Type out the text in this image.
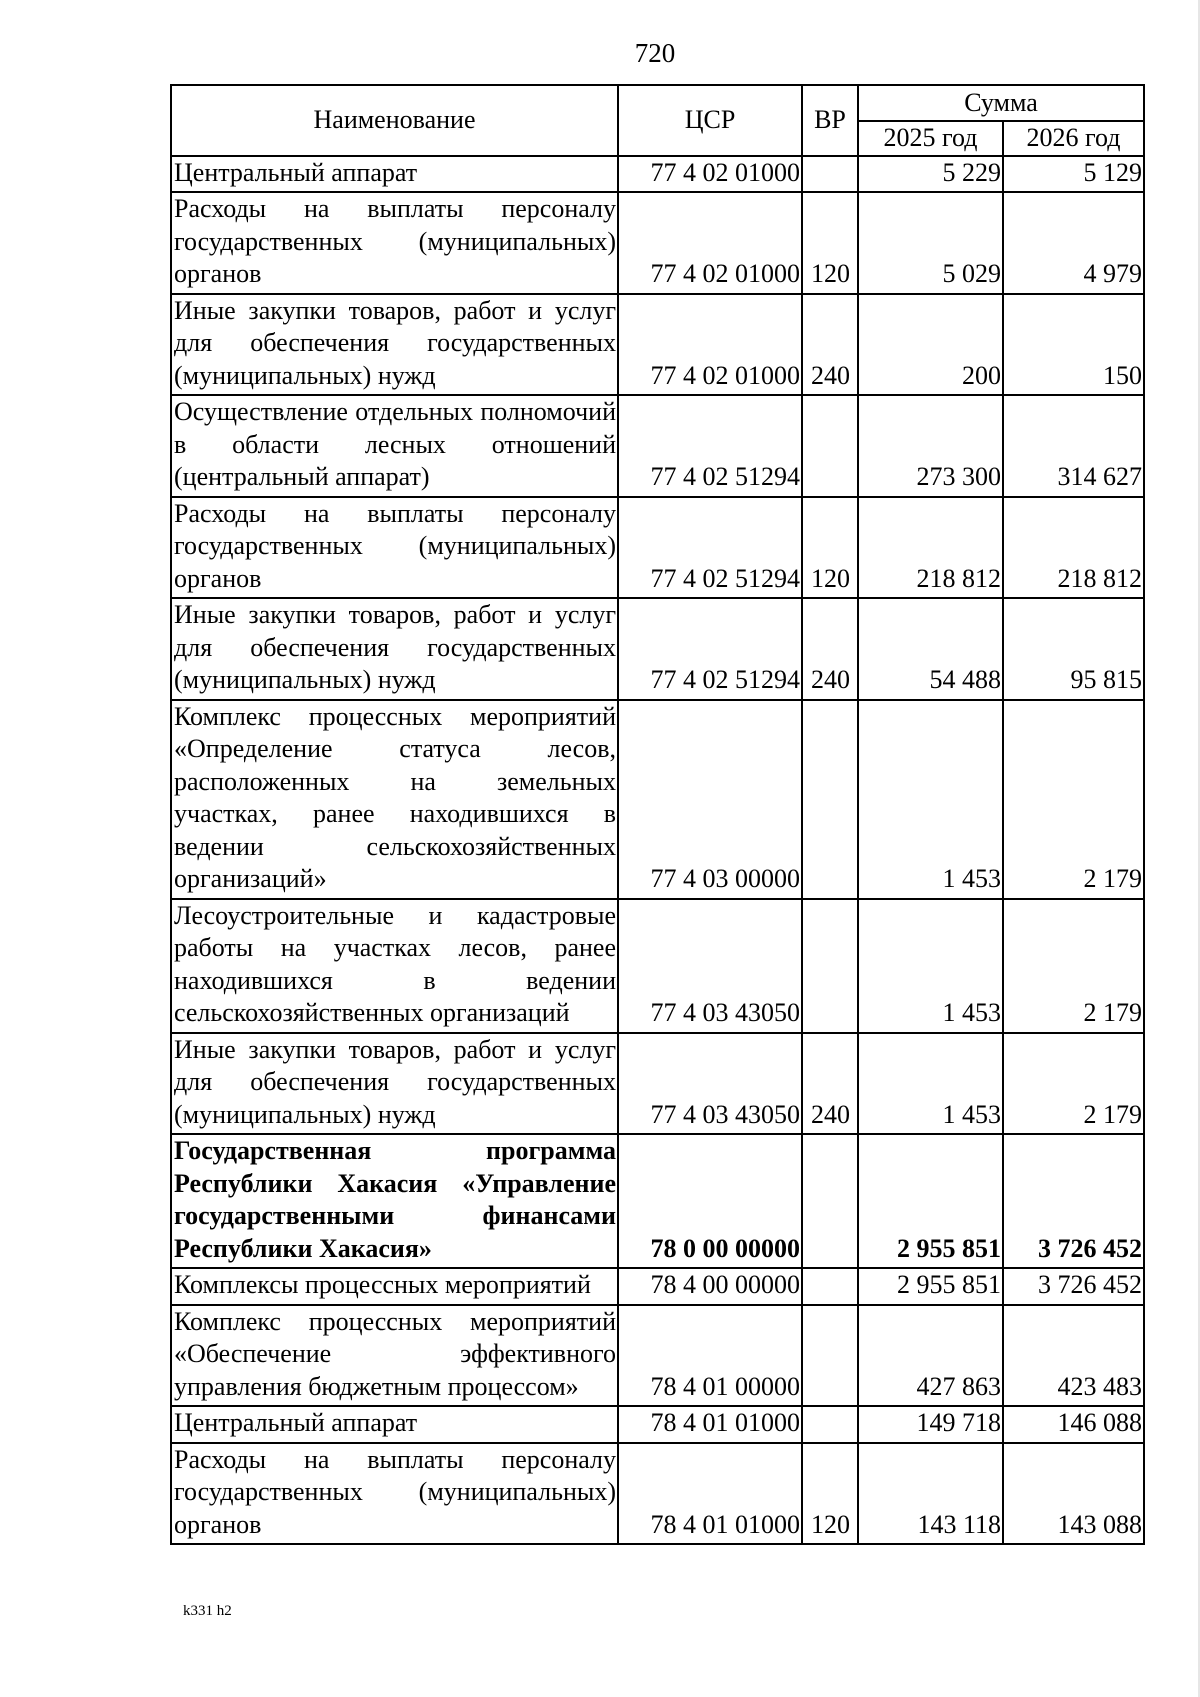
720
Наименование	ЦСР	ВР	Сумма	
			2025 год	2026 год
Центральный аппарат	77 4 02 01000		5 229	5 129
Расходы на выплаты персоналу государственных (муниципальных) органов	77 4 02 01000	120	5 029	4 979
Иные закупки товаров, работ и услуг для обеспечения государственных (муниципальных) нужд	77 4 02 01000	240	200	150
Осуществление отдельных полномочий в области лесных отношений (центральный аппарат)	77 4 02 51294		273 300	314 627
Расходы на выплаты персоналу государственных (муниципальных) органов	77 4 02 51294	120	218 812	218 812
Иные закупки товаров, работ и услуг для обеспечения государственных (муниципальных) нужд	77 4 02 51294	240	54 488	95 815
Комплекс процессных мероприятий «Определение статуса лесов, расположенных на земельных участках, ранее находившихся в ведении сельскохозяйственных организаций»	77 4 03 00000		1 453	2 179
Лесоустроительные и кадастровые работы на участках лесов, ранее находившихся в ведении сельскохозяйственных организаций	77 4 03 43050		1 453	2 179
Иные закупки товаров, работ и услуг для обеспечения государственных (муниципальных) нужд	77 4 03 43050	240	1 453	2 179
Государственная программа Республики Хакасия «Управление государственными финансами Республики Хакасия»	78 0 00 00000		2 955 851	3 726 452
Комплексы процессных мероприятий	78 4 00 00000		2 955 851	3 726 452
Комплекс процессных мероприятий «Обеспечение эффективного управления бюджетным процессом»	78 4 01 00000		427 863	423 483
Центральный аппарат	78 4 01 01000		149 718	146 088
Расходы на выплаты персоналу государственных (муниципальных) органов	78 4 01 01000	120	143 118	143 088
k331 h2
